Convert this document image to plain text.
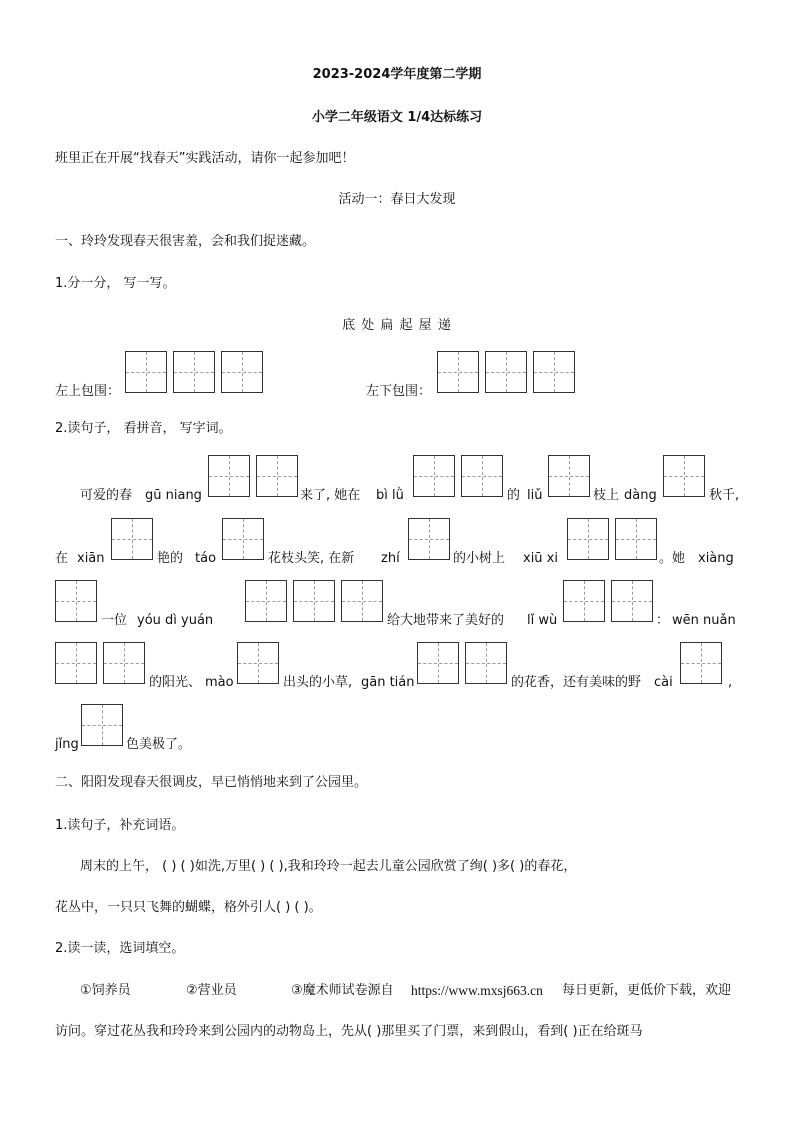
2023-2024学年度第二学期
小学二年级语文 1/4达标练习
班里正在开展“找春天”实践活动，请你一起参加吧！
活动一：春日大发现
一、玲玲发现春天很害羞，会和我们捉迷藏。
1.分一分， 写一写。
底 处 扁 起 屋 递
左上包围：	左下包围：
2.读句子， 看拼音， 写字词。
可爱的春 gū niang	来了, 她在 bì lǜ	的 liǔ	枝上 dàng	秋千,
在 xiān	艳的 táo	花枝头笑, 在新 zhí	的小树上 xiū xi	。她 xiàng
一位 yóu dì yuán	给大地带来了美好的 lǐ wù	： wēn nuǎn
的阳光、 mào	出头的小草, gān tián	的花香，还有美味的野 cài	,
jǐng	色美极了。
二、阳阳发现春天很调皮，早已悄悄地来到了公园里。
1.读句子，补充词语。
周末的上午， ( ) ( )如洗,万里( ) ( ),我和玲玲一起去儿童公园欣赏了绚( )多( )的春花，
花丛中，一只只飞舞的蝴蝶，格外引人( ) ( )。
2.读一读，选词填空。
①饲养员	②营业员	③魔术师试卷源自 https://www.mxsj663.cn 每日更新，更低价下载，欢迎
访问。穿过花丛我和玲玲来到公园内的动物岛上，先从( )那里买了门票，来到假山，看到( )正在给斑马
